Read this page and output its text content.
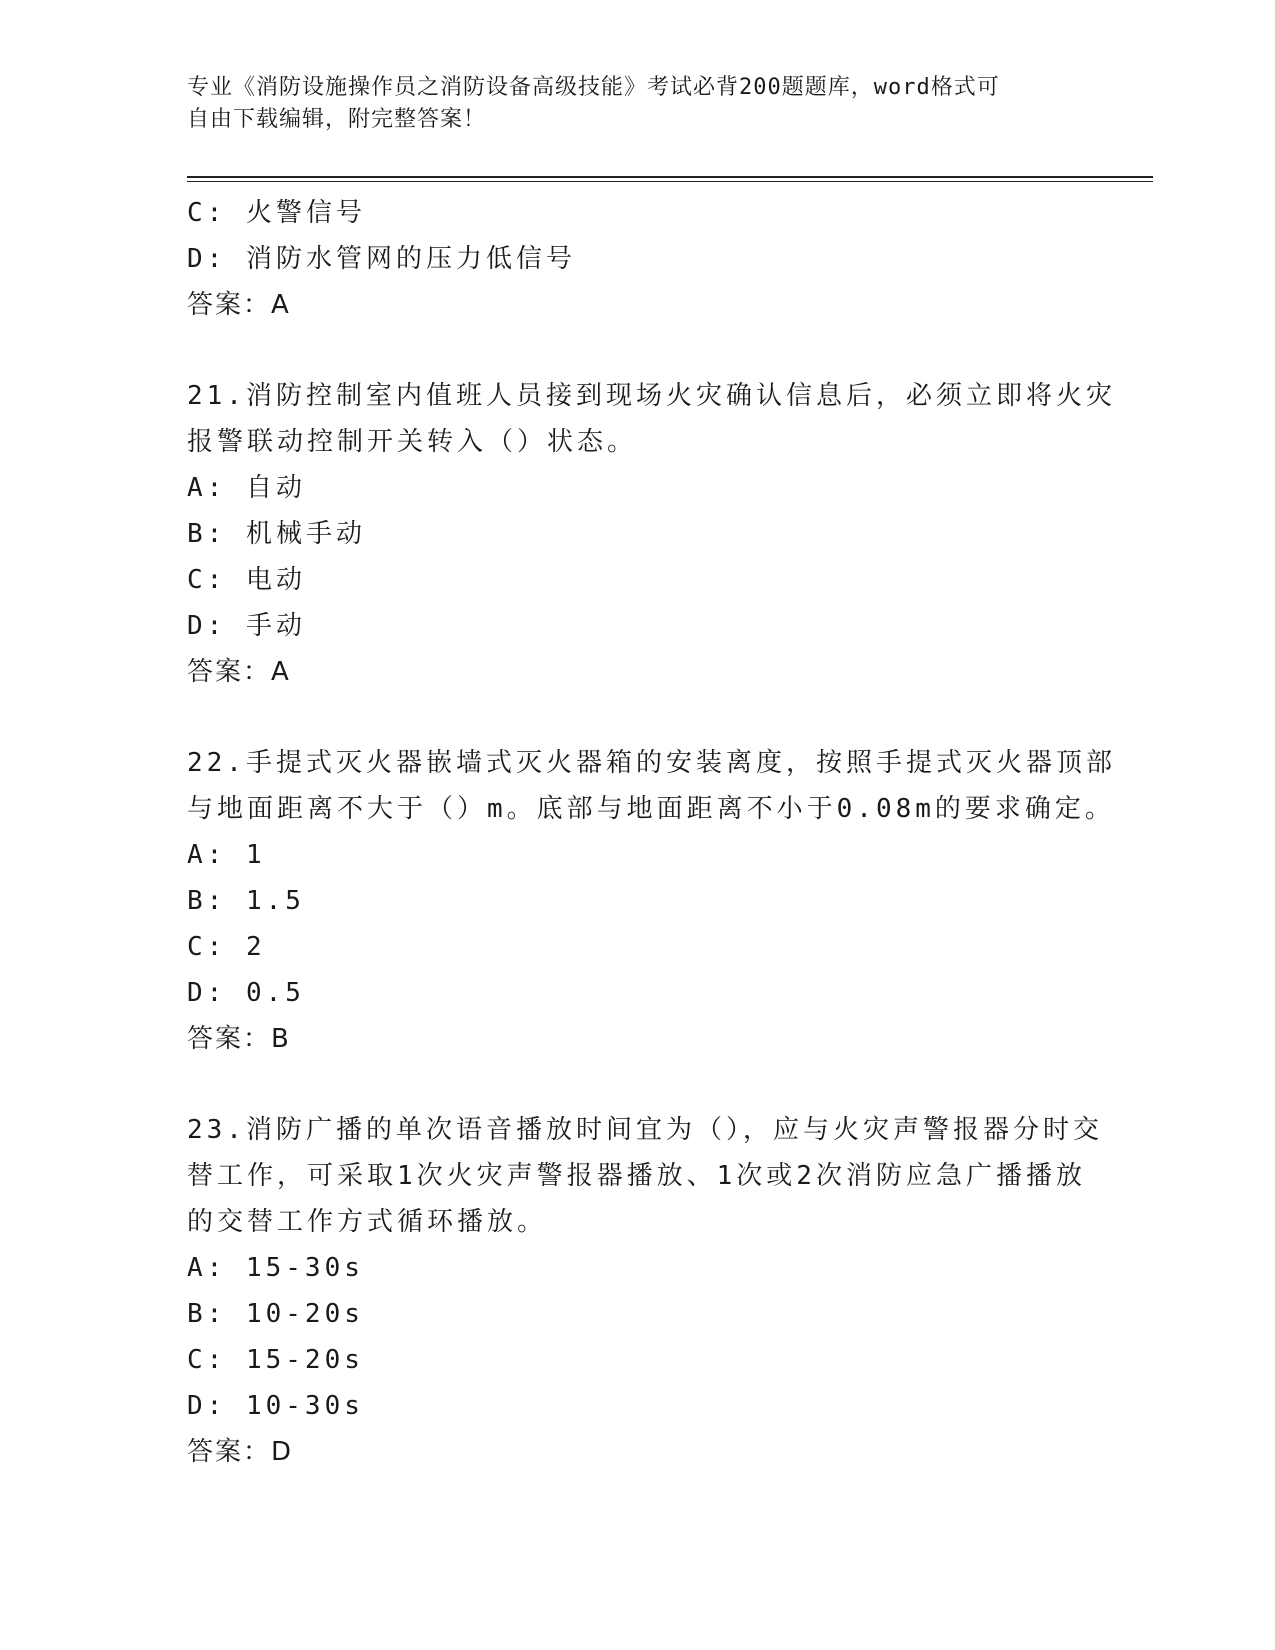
专业《消防设施操作员之消防设备高级技能》考试必背200题题库，word格式可
自由下载编辑，附完整答案！
C: 火警信号
D: 消防水管网的压力低信号
答案：A
21.消防控制室内值班人员接到现场火灾确认信息后，必须立即将火灾
报警联动控制开关转入（）状态。
A: 自动
B: 机械手动
C: 电动
D: 手动
答案：A
22.手提式灭火器嵌墙式灭火器箱的安装离度，按照手提式灭火器顶部
与地面距离不大于（）m。底部与地面距离不小于0.08m的要求确定。
A: 1
B: 1.5
C: 2
D: 0.5
答案：B
23.消防广播的单次语音播放时间宜为（），应与火灾声警报器分时交
替工作，可采取1次火灾声警报器播放、1次或2次消防应急广播播放
的交替工作方式循环播放。
A: 15-30s
B: 10-20s
C: 15-20s
D: 10-30s
答案：D
